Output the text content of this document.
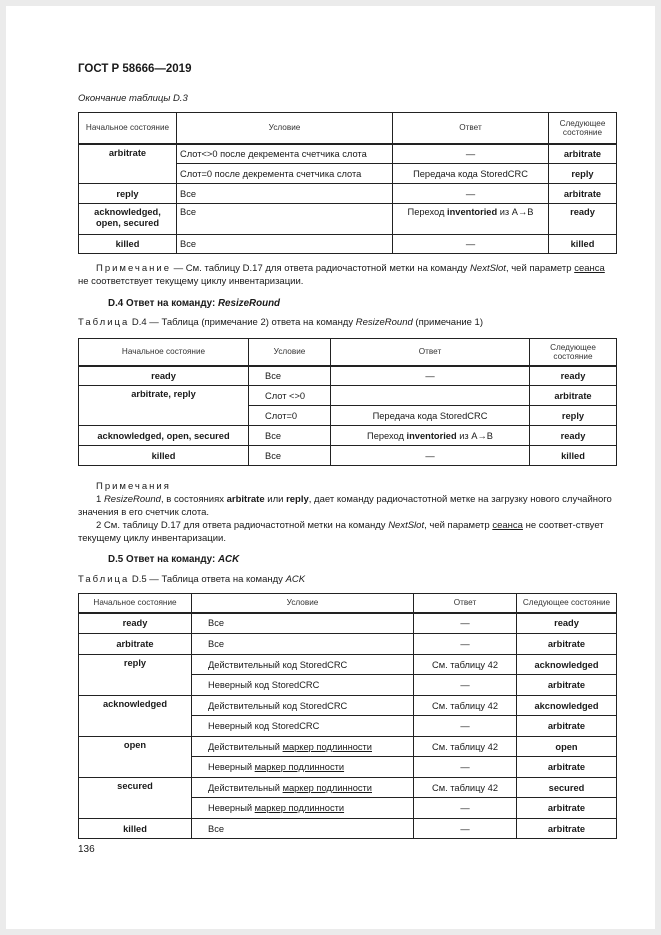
ГОСТ Р 58666—2019
Окончание таблицы D.3
Начальное состояние	Условие	Ответ	Следующее состояние
arbitrate	Слот<>0 после декремента счетчика слота	—	arbitrate
	Слот=0 после декремента счетчика слота	Передача кода StoredCRC	reply
reply	Все	—	arbitrate
acknowledged, open, secured	Все	Переход inventoried из A→B	ready
killed	Все	—	killed
Примечание — См. таблицу D.17 для ответа радиочастотной метки на команду NextSlot, чей параметр сеанса не соответствует текущему циклу инвентаризации.
D.4 Ответ на команду: ResizeRound
Таблица D.4 — Таблица (примечание 2) ответа на команду ResizeRound (примечание 1)
Начальное состояние	Условие	Ответ	Следующее состояние
ready	Все	—	ready
arbitrate, reply	Слот <>0		arbitrate
	Слот=0	Передача кода StoredCRC	reply
acknowledged, open, secured	Все	Переход inventoried из A→B	ready
killed	Все	—	killed
Примечания
1 ResizeRound, в состояниях arbitrate или reply, дает команду радиочастотной метке на загрузку нового случайного значения в его счетчик слота.
2 См. таблицу D.17 для ответа радиочастотной метки на команду NextSlot, чей параметр сеанса не соответ-ствует текущему циклу инвентаризации.
D.5 Ответ на команду: ACK
Таблица D.5 — Таблица ответа на команду ACK
Начальное состояние	Условие	Ответ	Следующее состояние
ready	Все	—	ready
arbitrate	Все	—	arbitrate
reply	Действительный код StoredCRC	См. таблицу 42	acknowledged
	Неверный код StoredCRC	—	arbitrate
acknowledged	Действительный код StoredCRC	См. таблицу 42	akcnowledged
	Неверный код StoredCRC	—	arbitrate
open	Действительный маркер подлинности	См. таблицу 42	open
	Неверный маркер подлинности	—	arbitrate
secured	Действительный маркер подлинности	См. таблицу 42	secured
	Неверный маркер подлинности	—	arbitrate
killed	Все	—	arbitrate
136
